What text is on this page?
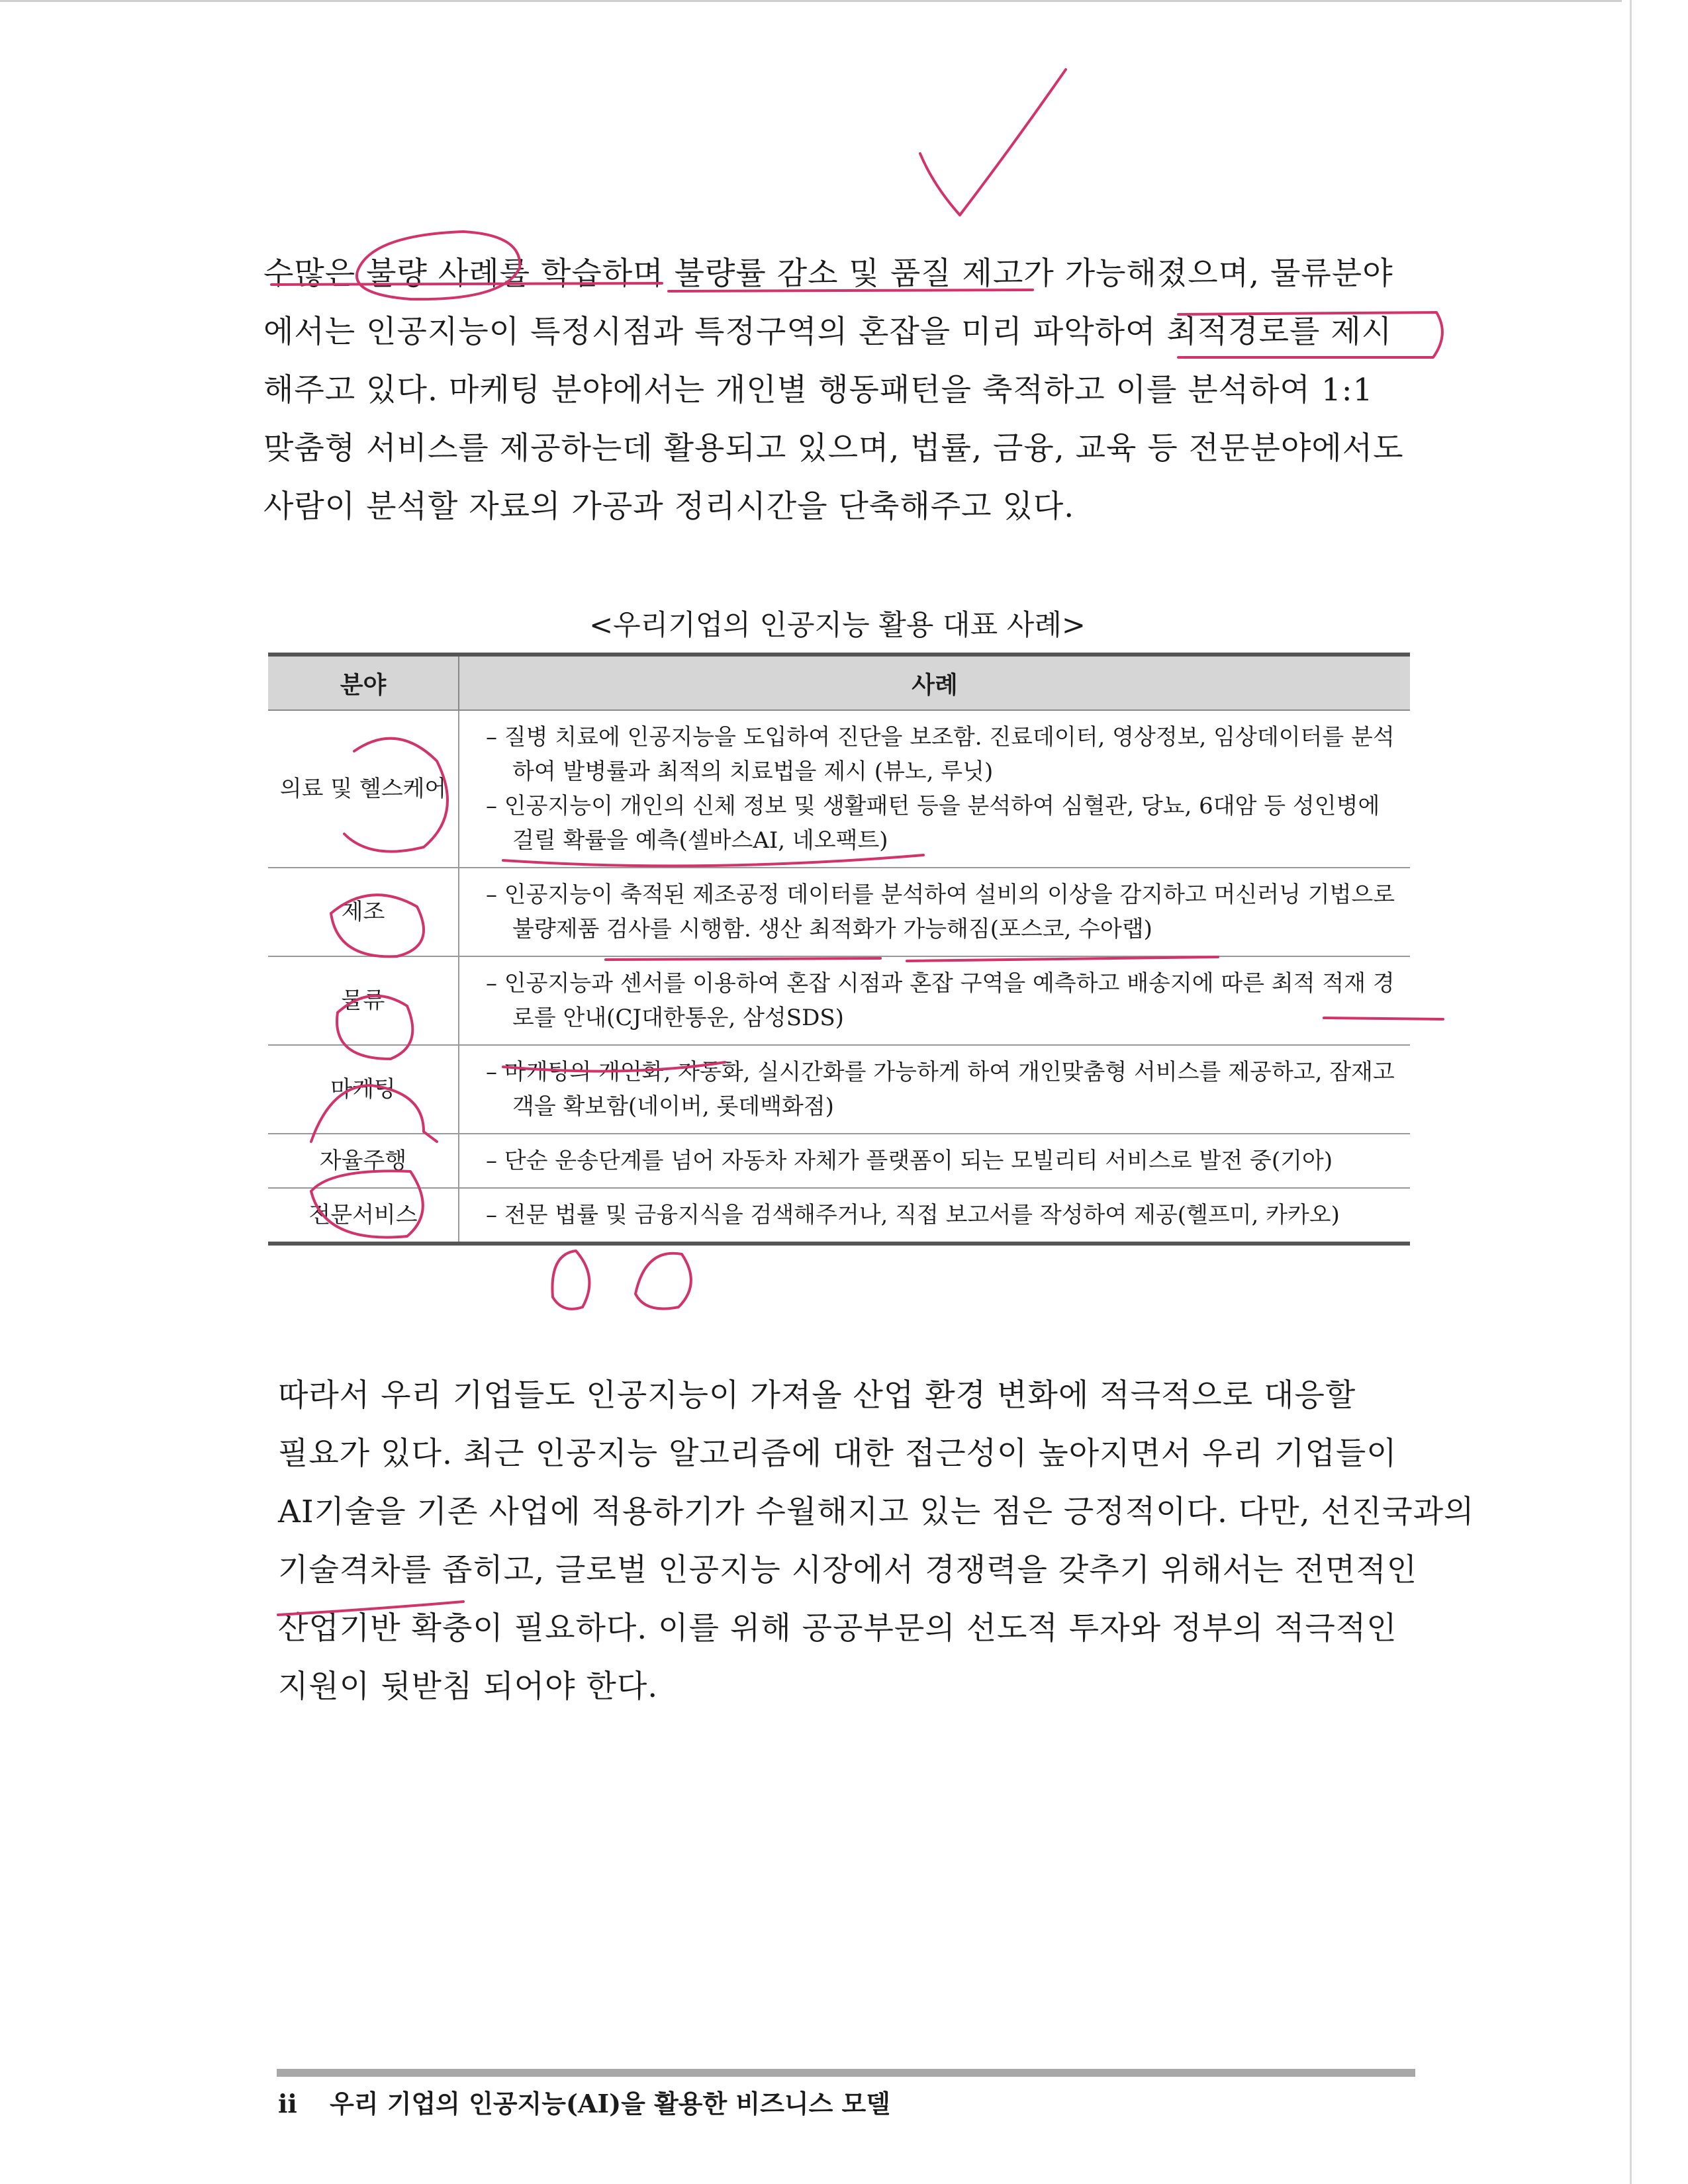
수많은 불량 사례를 학습하며 불량률 감소 및 품질 제고가 가능해졌으며, 물류분야

에서는 인공지능이 특정시점과 특정구역의 혼잡을 미리 파악하여 최적경로를 제시

해주고 있다. 마케팅 분야에서는 개인별 행동패턴을 축적하고 이를 분석하여 1:1

맞춤형 서비스를 제공하는데 활용되고 있으며, 법률, 금융, 교육 등 전문분야에서도

사람이 분석할 자료의 가공과 정리시간을 단축해주고 있다.

<우리기업의 인공지능 활용 대표 사례>
분야	사례
의료 및 헬스케어	– 질병 치료에 인공지능을 도입하여 진단을 보조함. 진료데이터, 영상정보, 임상데이터를 분석하여 발병률과 최적의 치료법을 제시 (뷰노, 루닛)

– 인공지능이 개인의 신체 정보 및 생활패턴 등을 분석하여 심혈관, 당뇨, 6대암 등 성인병에 걸릴 확률을 예측(셀바스AI, 네오팩트)

제조	– 인공지능이 축적된 제조공정 데이터를 분석하여 설비의 이상을 감지하고 머신러닝 기법으로 불량제품 검사를 시행함. 생산 최적화가 가능해짐(포스코, 수아랩)

물류	– 인공지능과 센서를 이용하여 혼잡 시점과 혼잡 구역을 예측하고 배송지에 따른 최적 적재 경로를 안내(CJ대한통운, 삼성SDS)

마케팅	– 마케팅의 개인화, 자동화, 실시간화를 가능하게 하여 개인맞춤형 서비스를 제공하고, 잠재고객을 확보함(네이버, 롯데백화점)

자율주행	– 단순 운송단계를 넘어 자동차 자체가 플랫폼이 되는 모빌리티 서비스로 발전 중(기아)

전문서비스	– 전문 법률 및 금융지식을 검색해주거나, 직접 보고서를 작성하여 제공(헬프미, 카카오)

따라서 우리 기업들도 인공지능이 가져올 산업 환경 변화에 적극적으로 대응할

필요가 있다. 최근 인공지능 알고리즘에 대한 접근성이 높아지면서 우리 기업들이

AI기술을 기존 사업에 적용하기가 수월해지고 있는 점은 긍정적이다. 다만, 선진국과의

기술격차를 좁히고, 글로벌 인공지능 시장에서 경쟁력을 갖추기 위해서는 전면적인

산업기반 확충이 필요하다. 이를 위해 공공부문의 선도적 투자와 정부의 적극적인

지원이 뒷받침 되어야 한다.

ii 우리 기업의 인공지능(AI)을 활용한 비즈니스 모델
